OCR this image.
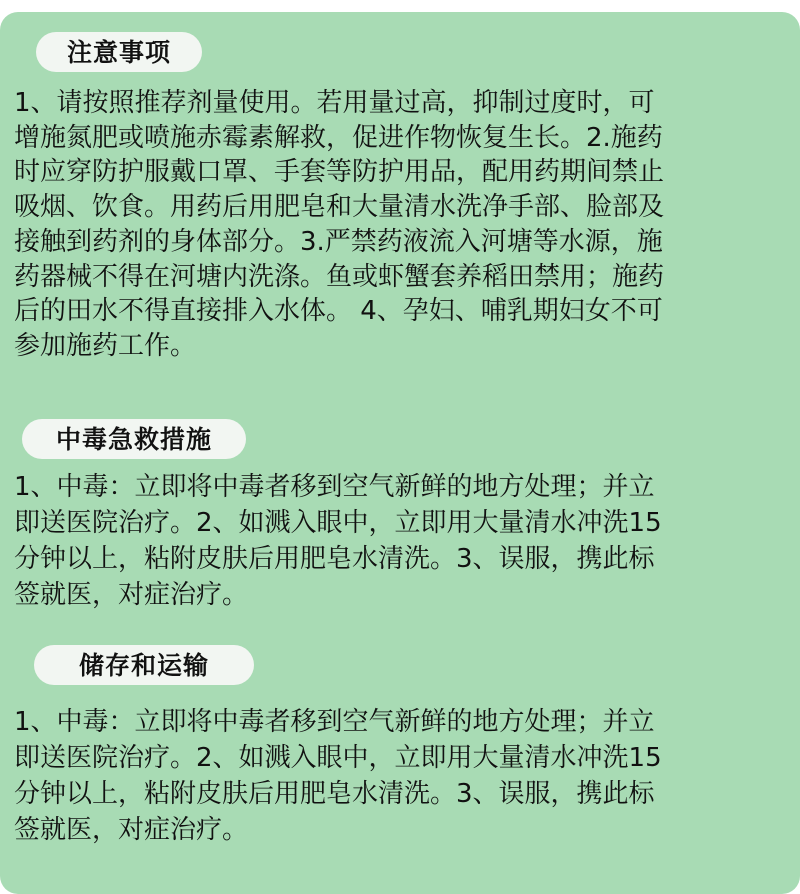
注意事项

1、请按照推荐剂量使用。若用量过高，抑制过度时，可
增施氮肥或喷施赤霉素解救，促进作物恢复生长。2.施药
时应穿防护服戴口罩、手套等防护用品，配用药期间禁止
吸烟、饮食。用药后用肥皂和大量清水洗净手部、脸部及
接触到药剂的身体部分。3.严禁药液流入河塘等水源，施
药器械不得在河塘内洗涤。鱼或虾蟹套养稻田禁用；施药
后的田水不得直接排入水体。 4、孕妇、哺乳期妇女不可
参加施药工作。

中毒急救措施

1、中毒：立即将中毒者移到空气新鲜的地方处理；并立
即送医院治疗。2、如溅入眼中，立即用大量清水冲洗15
分钟以上，粘附皮肤后用肥皂水清洗。3、误服，携此标
签就医，对症治疗。

储存和运输

1、中毒：立即将中毒者移到空气新鲜的地方处理；并立
即送医院治疗。2、如溅入眼中，立即用大量清水冲洗15
分钟以上，粘附皮肤后用肥皂水清洗。3、误服，携此标
签就医，对症治疗。
